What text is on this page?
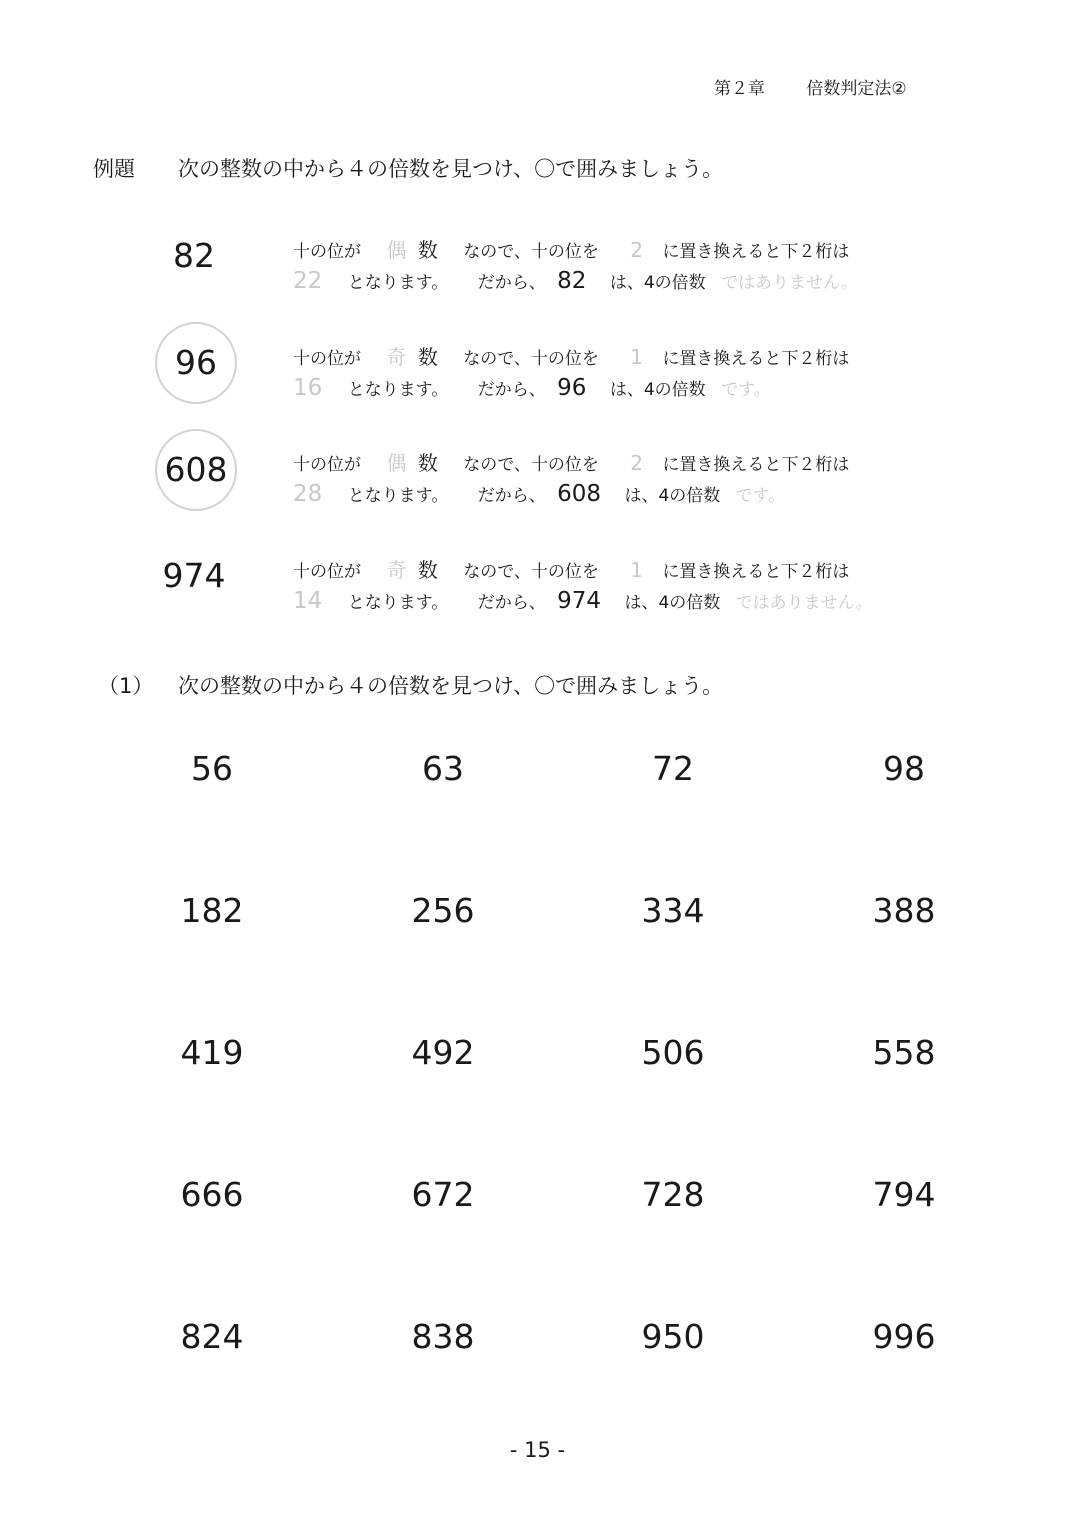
第２章 倍数判定法②
例題 次の整数の中から４の倍数を見つけ、〇で囲みましょう。
82	十の位が 偶 数 なので、十の位を 2 に置き換えると下２桁は
22 となります。 だから、 82 は、4の倍数 ではありません。
96	十の位が 奇 数 なので、十の位を 1 に置き換えると下２桁は
16 となります。 だから、 96 は、4の倍数 です。
608	十の位が 偶 数 なので、十の位を 2 に置き換えると下２桁は
28 となります。 だから、 608 は、4の倍数 です。
974	十の位が 奇 数 なので、十の位を 1 に置き換えると下２桁は
14 となります。 だから、 974 は、4の倍数 ではありません。
（1） 次の整数の中から４の倍数を見つけ、〇で囲みましょう。
56	63	72	98
182	256	334	388
419	492	506	558
666	672	728	794
824	838	950	996
- 15 -
